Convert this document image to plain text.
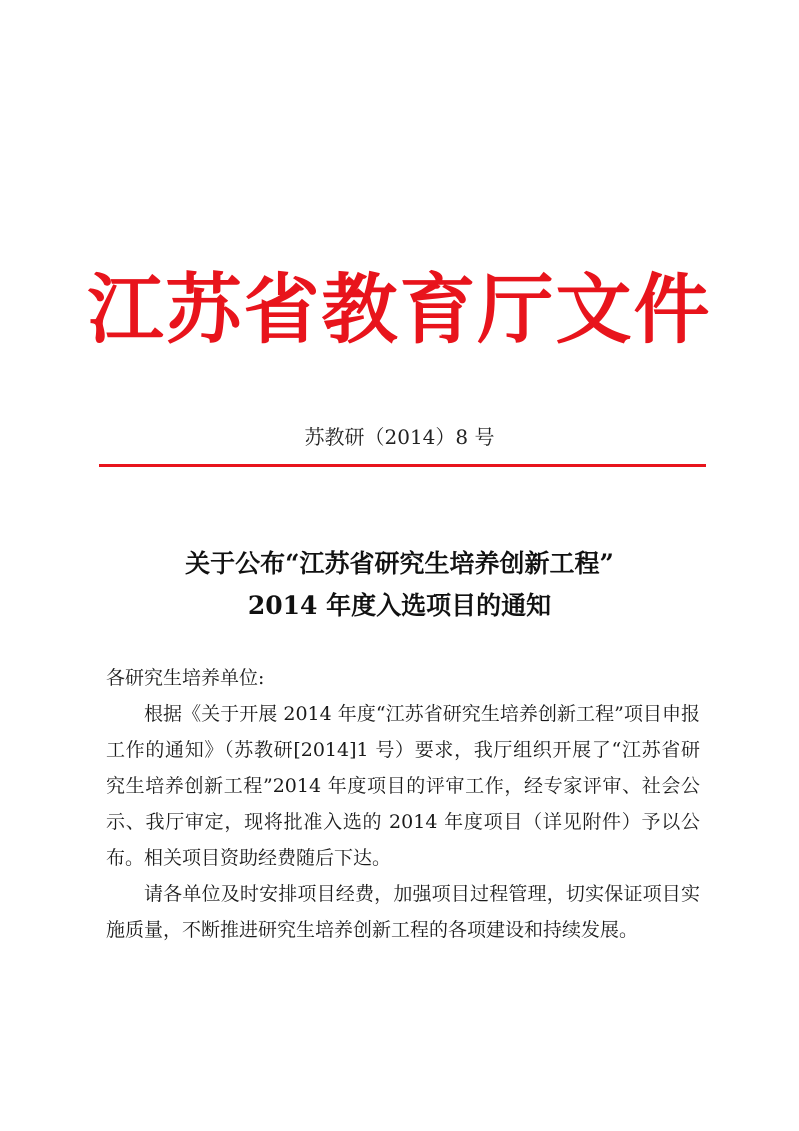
江苏省教育厅文件
苏教研（2014）8 号
关于公布“江苏省研究生培养创新工程”
2014 年度入选项目的通知

各研究生培养单位:

根据《关于开展 2014 年度“江苏省研究生培养创新工程”项目申报工作的通知》（苏教研[2014]1 号）要求，我厅组织开展了“江苏省研究生培养创新工程”2014 年度项目的评审工作，经专家评审、社会公示、我厅审定，现将批准入选的 2014 年度项目（详见附件）予以公布。相关项目资助经费随后下达。

请各单位及时安排项目经费，加强项目过程管理，切实保证项目实施质量，不断推进研究生培养创新工程的各项建设和持续发展。
